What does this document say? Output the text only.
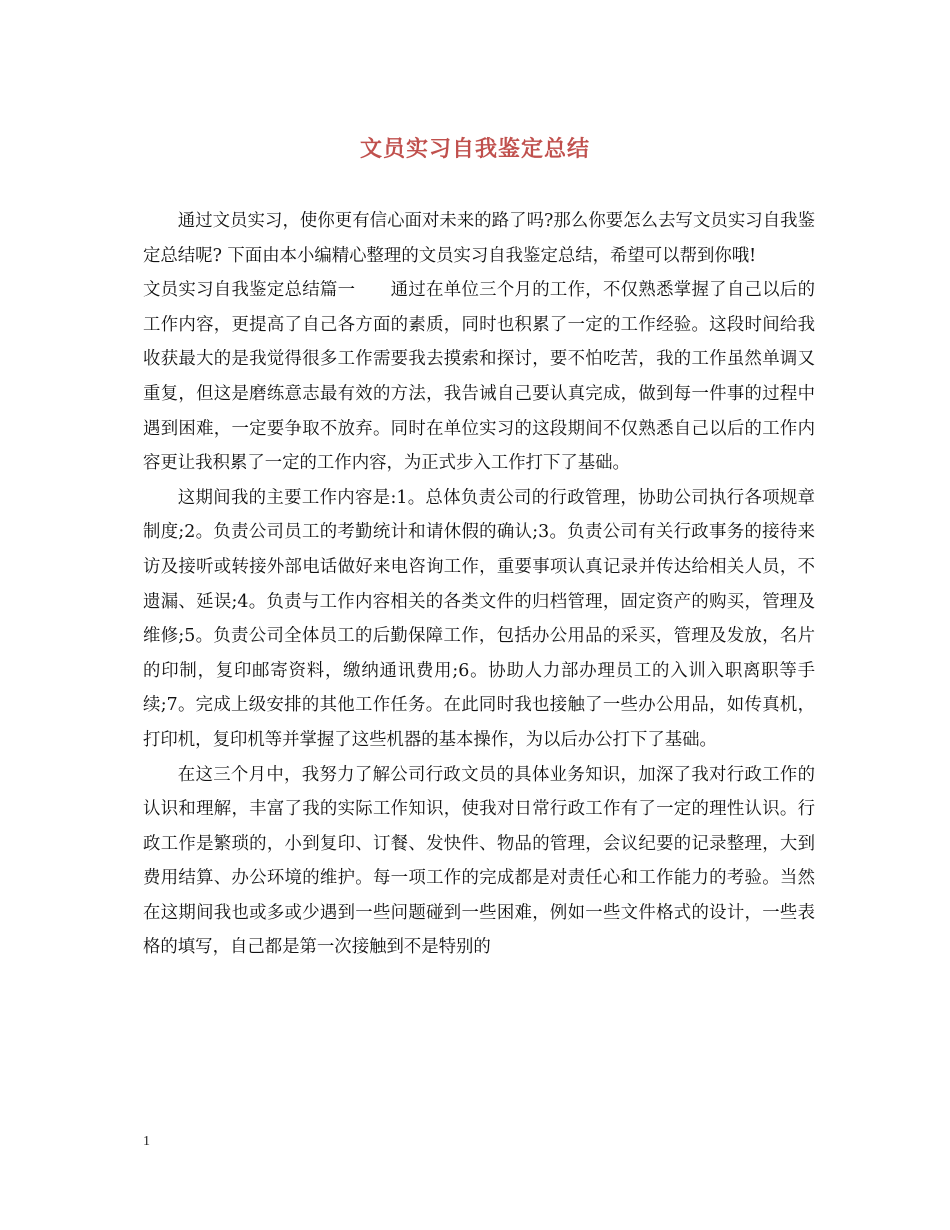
文员实习自我鉴定总结

通过文员实习，使你更有信心面对未来的路了吗?那么你要怎么去写文员实习自我鉴定总结呢? 下面由本小编精心整理的文员实习自我鉴定总结，希望可以帮到你哦!

文员实习自我鉴定总结篇一　　通过在单位三个月的工作，不仅熟悉掌握了自己以后的工作内容，更提高了自己各方面的素质，同时也积累了一定的工作经验。这段时间给我收获最大的是我觉得很多工作需要我去摸索和探讨，要不怕吃苦，我的工作虽然单调又重复，但这是磨练意志最有效的方法，我告诫自己要认真完成，做到每一件事的过程中遇到困难，一定要争取不放弃。同时在单位实习的这段期间不仅熟悉自己以后的工作内容更让我积累了一定的工作内容，为正式步入工作打下了基础。

这期间我的主要工作内容是:1。总体负责公司的行政管理，协助公司执行各项规章制度;2。负责公司员工的考勤统计和请休假的确认;3。负责公司有关行政事务的接待来访及接听或转接外部电话做好来电咨询工作，重要事项认真记录并传达给相关人员，不遗漏、延误;4。负责与工作内容相关的各类文件的归档管理，固定资产的购买，管理及维修;5。负责公司全体员工的后勤保障工作，包括办公用品的采买，管理及发放，名片的印制，复印邮寄资料，缴纳通讯费用;6。协助人力部办理员工的入训入职离职等手续;7。完成上级安排的其他工作任务。在此同时我也接触了一些办公用品，如传真机，打印机，复印机等并掌握了这些机器的基本操作，为以后办公打下了基础。

在这三个月中，我努力了解公司行政文员的具体业务知识，加深了我对行政工作的认识和理解，丰富了我的实际工作知识，使我对日常行政工作有了一定的理性认识。行政工作是繁琐的，小到复印、订餐、发快件、物品的管理，会议纪要的记录整理，大到费用结算、办公环境的维护。每一项工作的完成都是对责任心和工作能力的考验。当然在这期间我也或多或少遇到一些问题碰到一些困难，例如一些文件格式的设计，一些表格的填写，自己都是第一次接触到不是特别的

1
